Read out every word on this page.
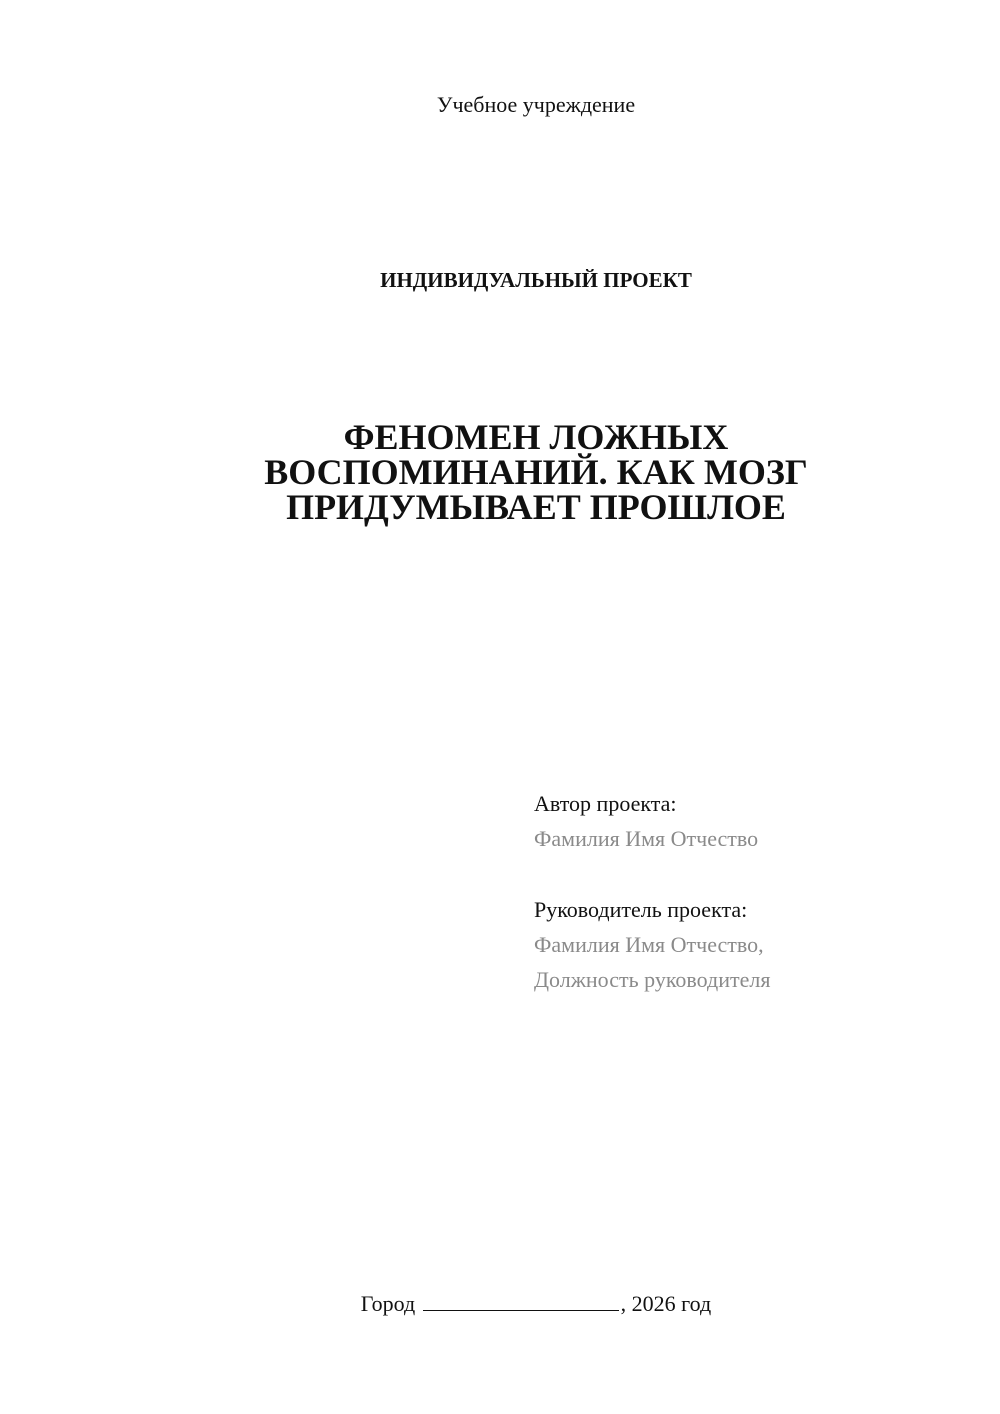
Учебное учреждение
ИНДИВИДУАЛЬНЫЙ ПРОЕКТ
ФЕНОМЕН ЛОЖНЫХ
ВОСПОМИНАНИЙ. КАК МОЗГ
ПРИДУМЫВАЕТ ПРОШЛОЕ
Автор проекта:
Фамилия Имя Отчество
Руководитель проекта:
Фамилия Имя Отчество,
Должность руководителя
Город	, 2026 год
